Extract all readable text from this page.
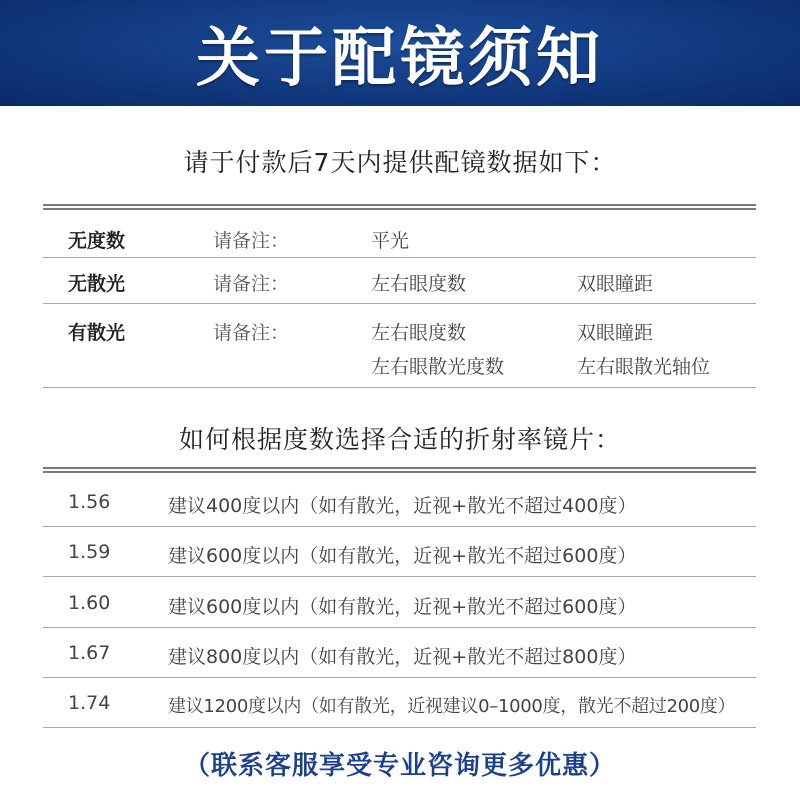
关于配镜须知
请于付款后7天内提供配镜数据如下：
无度数	请备注：	平光
无散光	请备注：	左右眼度数	双眼瞳距
有散光	请备注：	左右眼度数	双眼瞳距
左右眼散光度数	左右眼散光轴位
如何根据度数选择合适的折射率镜片：
1.56	建议400度以内（如有散光，近视+散光不超过400度）
1.59	建议600度以内（如有散光，近视+散光不超过600度）
1.60	建议600度以内（如有散光，近视+散光不超过600度）
1.67	建议800度以内（如有散光，近视+散光不超过800度）
1.74	建议1200度以内（如有散光，近视建议0–1000度，散光不超过200度）
（联系客服享受专业咨询更多优惠）
